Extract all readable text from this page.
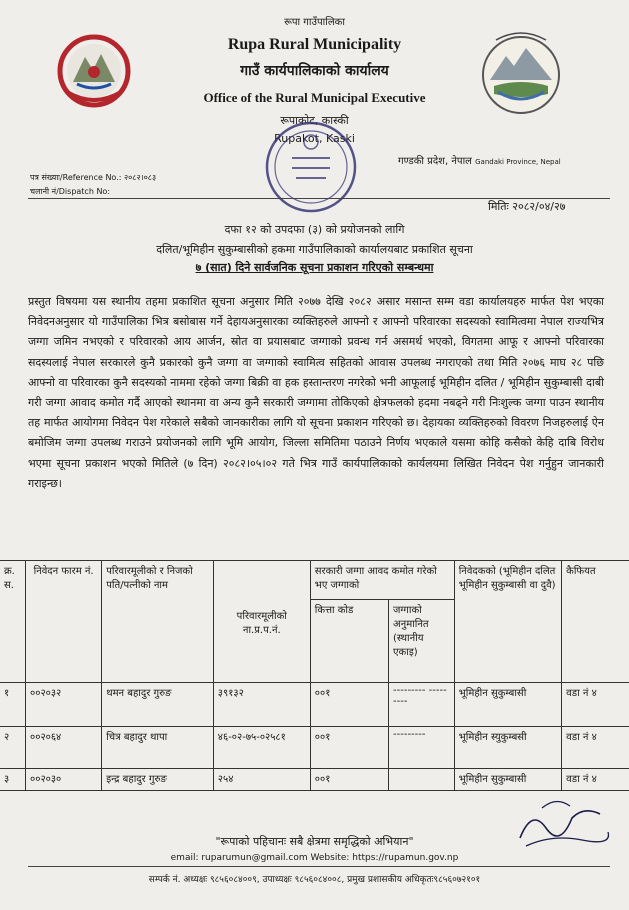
रूपा गाउँपालिका
Rupa Rural Municipality
गाउँ कार्यपालिकाको कार्यालय
Office of the Rural Municipal Executive
रूपाकोट, कास्की
Rupakot, Kaski
गण्डकी प्रदेश, नेपाल Gandaki Province, Nepal
पत्र संख्याः/Reference No.: २०८२।०८३
चलानी नं/Dispatch No:
मितिः २०८२/०४/२७
दफा १२ को उपदफा (३) को प्रयोजनको लागि
दलित/भूमिहीन सुकुम्बासीको हकमा गाउँपालिकाको कार्यालयबाट प्रकाशित सूचना
७ (सात) दिने सार्वजनिक सूचना प्रकाशन गरिएको सम्बन्धमा
प्रस्तुत विषयमा यस स्थानीय तहमा प्रकाशित सूचना अनुसार मिति २०७७ देखि २०८२ असार मसान्त सम्म वडा कार्यालयहरु मार्फत पेश भएका निवेदनअनुसार यो गाउँपालिका भित्र बसोबास गर्ने देहायअनुसारका व्यक्तिहरुले आफ्नो र आफ्नो परिवारका सदस्यको स्वामित्वमा नेपाल राज्यभित्र जग्गा जमिन नभएको र परिवारको आय आर्जन, स्रोत वा प्रयासबाट जग्गाको प्रवन्ध गर्न असमर्थ भएको, विगतमा आफू र आफ्नो परिवारका सदस्यलाई नेपाल सरकारले कुनै प्रकारको कुनै जग्गा वा जग्गाको स्वामित्व सहितको आवास उपलब्ध नगराएको तथा मिति २०७६ माघ २८ पछि आफ्नो वा परिवारका कुनै सदस्यको नाममा रहेको जग्गा बिक्री वा हक हस्तान्तरण नगरेको भनी आफूलाई भूमिहीन दलित / भूमिहीन सुकुम्बासी दाबी गरी जग्गा आवाद कमोत गर्दै आएको स्थानमा वा अन्य कुनै सरकारी जग्गामा तोकिएको क्षेत्रफलको हदमा नबढ्ने गरी निःशुल्क जग्गा पाउन स्थानीय तह मार्फत आयोगमा निवेदन पेश गरेकाले सबैको जानकारीका लागि यो सूचना प्रकाशन गरिएको छ। देहायका व्यक्तिहरुको विवरण निजहरुलाई ऐन बमोजिम जग्गा उपलब्ध गराउने प्रयोजनको लागि भूमि आयोग, जिल्ला समितिमा पठाउने निर्णय भएकाले यसमा कोहि कसैको केहि दाबि विरोध भएमा सूचना प्रकाशन भएको मितिले (७ दिन) २०८२।०५।०२ गते भित्र गाउँ कार्यपालिकाको कार्यलयमा लिखित निवेदन पेश गर्नुहुन जानकारी गराइन्छ।
क्र. स.	निवेदन फारम नं.	परिवारमूलीको र निजको पति/पत्नीको नाम	परिवारमूलीको ना.प्र.प.नं.	सरकारी जग्गा आवद कमोत गरेको भए जग्गाको		निवेदकको (भूमिहीन दलित भूमिहीन सुकुम्बासी वा दुवै)	कैफियत
				कित्ता कोड	जग्गाको अनुमानित (स्थानीय एकाइ)		
१	००२०३२	थमन बहादुर गुरुङ	३९१३२	००१	--------- ---------	भूमिहीन सुकुम्बासी	वडा नं ४
२	००२०६४	चित्र बहादुर थापा	४६-०२-७५-०२५८१	००१	---------	भूमिहीन स्युकुम्बसी	वडा नं ४
३	००२०३०	इन्द्र बहादुर गुरुङ	२५४	००१		भूमिहीन सुकुम्बासी	वडा नं ४
"रूपाको पहिचानः सबै क्षेत्रमा समृद्धिको अभियान"
email: ruparumun@gmail.com Website: https://rupamun.gov.np
सम्पर्क नं. अध्यक्षः ९८५६०८४००९, उपाध्यक्षः ९८५६०८४००८, प्रमुख प्रशासकीय अधिकृतः९८५६०७२१०१
